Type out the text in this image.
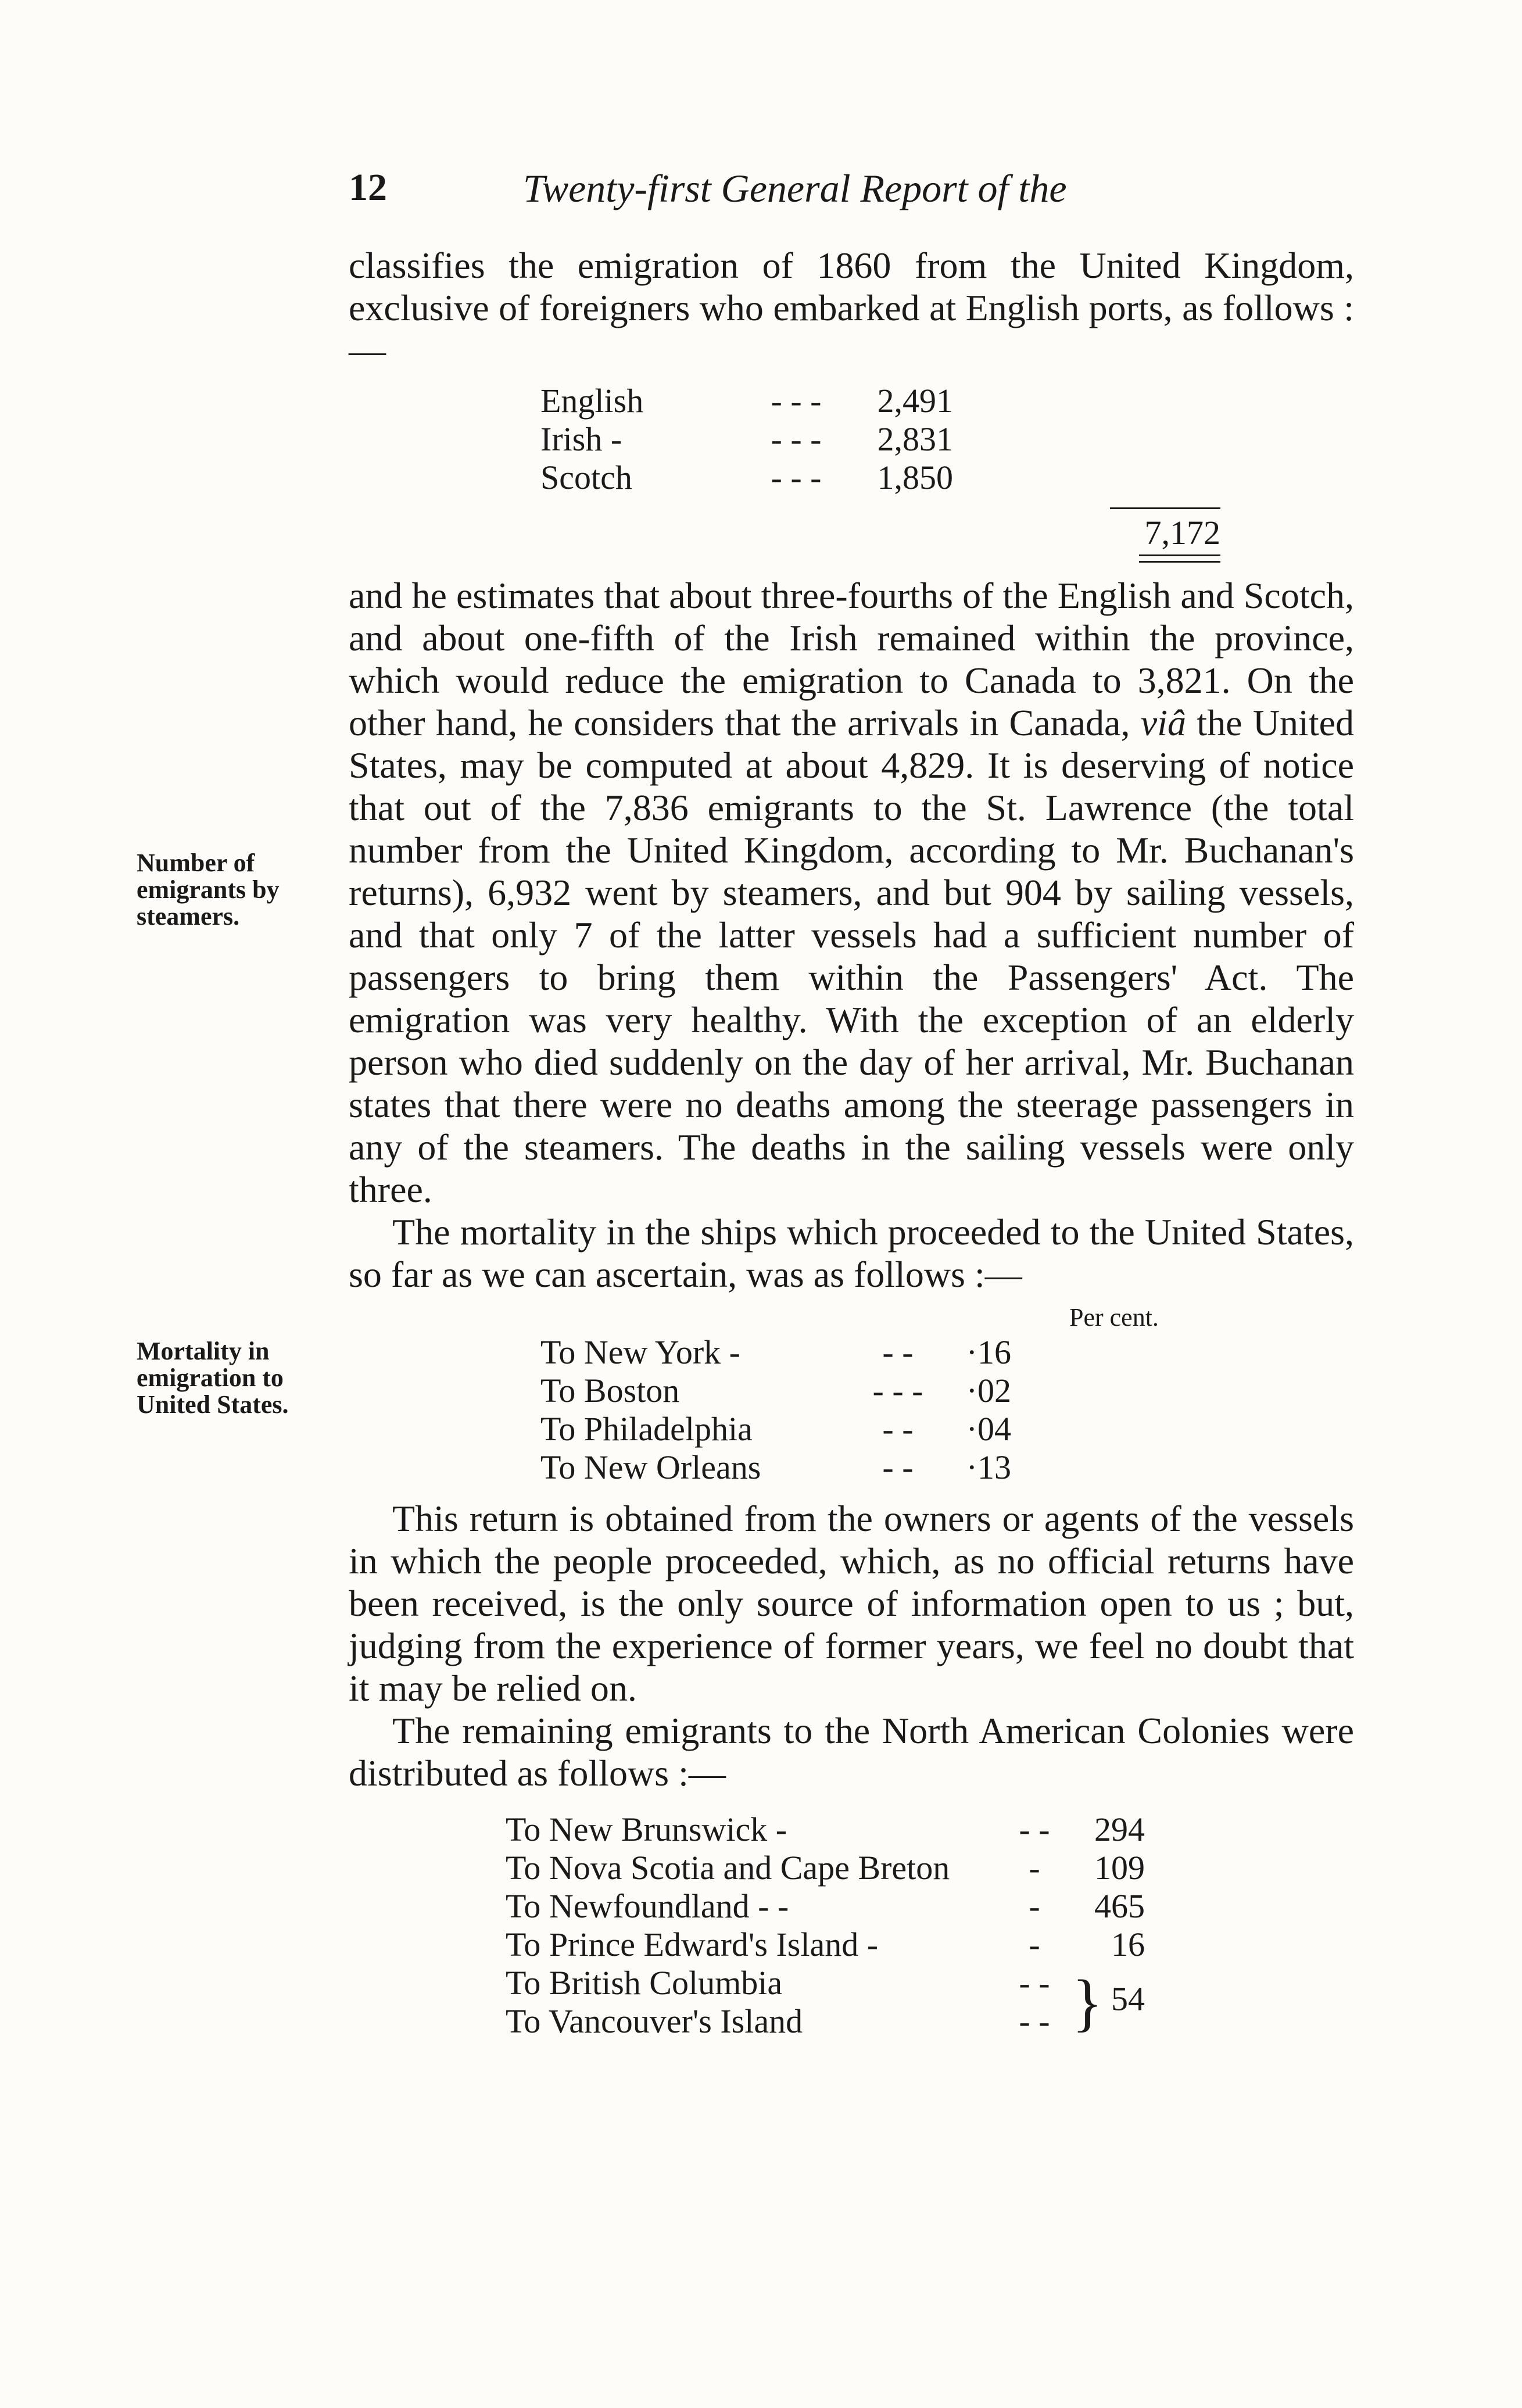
12	Twenty-first General Report of the
Number of emigrants by steamers.
Mortality in emigration to United States.

classifies the emigration of 1860 from the United Kingdom, exclusive of foreigners who embarked at English ports, as follows :—

English	- - -	2,491
Irish -	- - -	2,831
Scotch	- - -	1,850
7,172

and he estimates that about three-fourths of the English and Scotch, and about one-fifth of the Irish remained within the province, which would reduce the emigration to Canada to 3,821. On the other hand, he considers that the arrivals in Canada, viâ the United States, may be computed at about 4,829. It is deserving of notice that out of the 7,836 emigrants to the St. Lawrence (the total number from the United Kingdom, according to Mr. Buchanan's returns), 6,932 went by steamers, and but 904 by sailing vessels, and that only 7 of the latter vessels had a sufficient number of passengers to bring them within the Passengers' Act. The emigration was very healthy. With the exception of an elderly person who died suddenly on the day of her arrival, Mr. Buchanan states that there were no deaths among the steerage passengers in any of the steamers. The deaths in the sailing vessels were only three.

The mortality in the ships which proceeded to the United States, so far as we can ascertain, was as follows :—

Per cent.
To New York -	- -	·16
To Boston	- - -	·02
To Philadelphia	- -	·04
To New Orleans	- -	·13

This return is obtained from the owners or agents of the vessels in which the people proceeded, which, as no official returns have been received, is the only source of information open to us ; but, judging from the experience of former years, we feel no doubt that it may be relied on.

The remaining emigrants to the North American Colonies were distributed as follows :—

To New Brunswick -	- -	294
To Nova Scotia and Cape Breton	-	109
To Newfoundland - -	-	465
To Prince Edward's Island -	-	16
To British Columbia	- -	} 54
To Vancouver's Island	- -	
